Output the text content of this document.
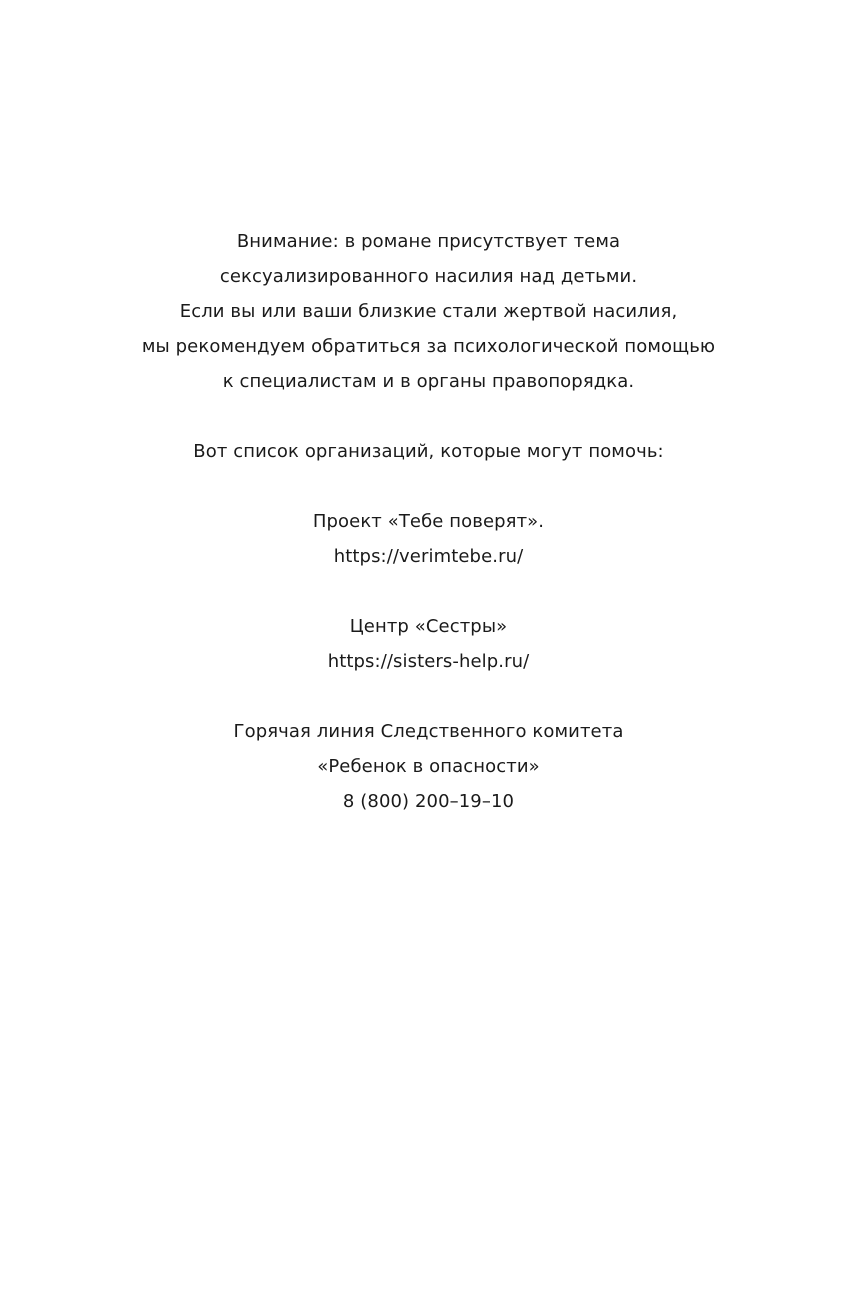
Внимание: в романе присутствует тема
сексуализированного насилия над детьми.
Если вы или ваши близкие стали жертвой насилия,
мы рекомендуем обратиться за психологической помощью
к специалистам и в органы правопорядка.
Вот список организаций, которые могут помочь:
Проект «Тебе поверят».
https://verimtebe.ru/
Центр «Сестры»
https://sisters-help.ru/
Горячая линия Следственного комитета
«Ребенок в опасности»
8 (800) 200–19–10
